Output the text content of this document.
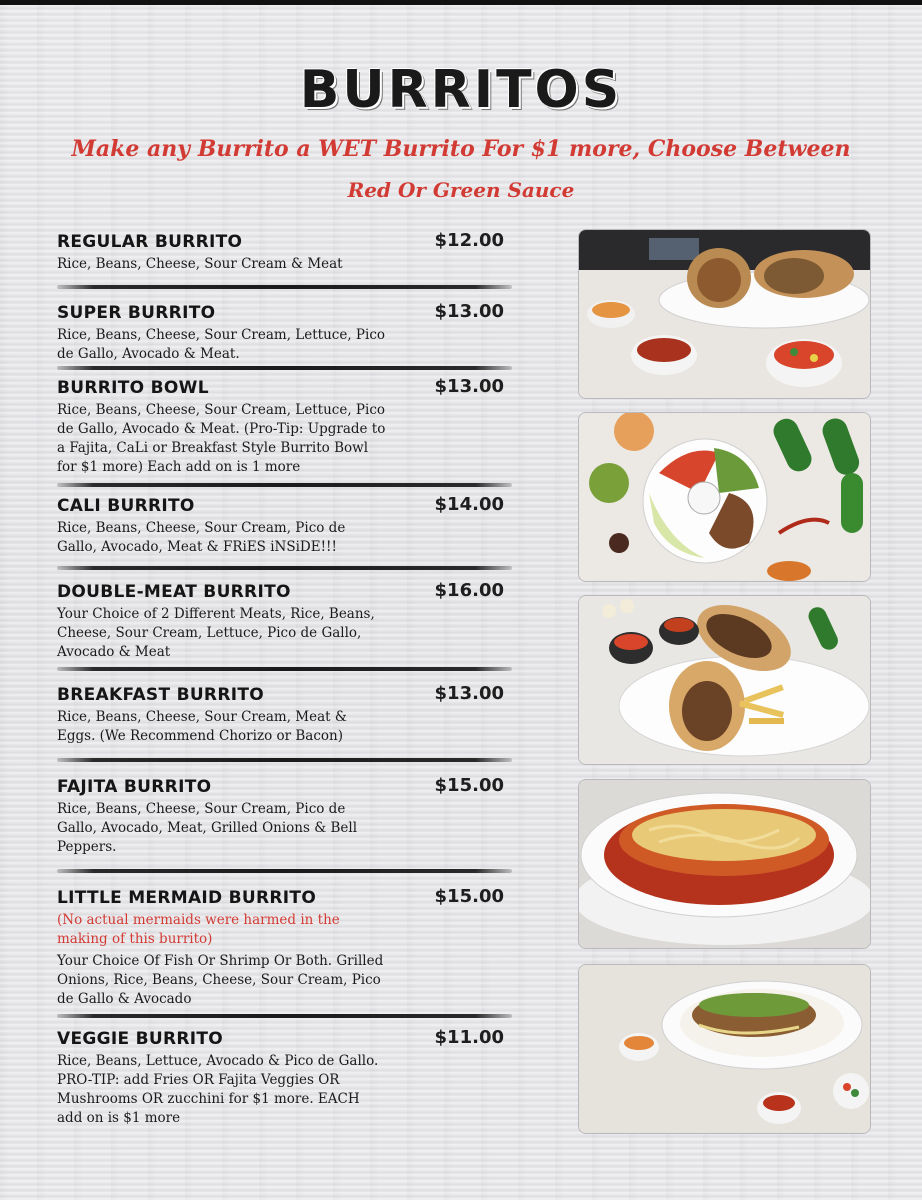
BURRITOS
Make any Burrito a WET Burrito For $1 more, Choose Between
Red Or Green Sauce
REGULAR BURRITO	$12.00
Rice, Beans, Cheese, Sour Cream & Meat
SUPER BURRITO	$13.00
Rice, Beans, Cheese, Sour Cream, Lettuce, Pico de Gallo, Avocado & Meat.
BURRITO BOWL	$13.00
Rice, Beans, Cheese, Sour Cream, Lettuce, Pico de Gallo, Avocado & Meat. (Pro-Tip: Upgrade to a Fajita, CaLi or Breakfast Style Burrito Bowl for $1 more) Each add on is 1 more
CALI BURRITO	$14.00
Rice, Beans, Cheese, Sour Cream, Pico de Gallo, Avocado, Meat & FRiES iNSiDE!!!
DOUBLE-MEAT BURRITO	$16.00
Your Choice of 2 Different Meats, Rice, Beans, Cheese, Sour Cream, Lettuce, Pico de Gallo, Avocado & Meat
BREAKFAST BURRITO	$13.00
Rice, Beans, Cheese, Sour Cream, Meat & Eggs. (We Recommend Chorizo or Bacon)
FAJITA BURRITO	$15.00
Rice, Beans, Cheese, Sour Cream, Pico de Gallo, Avocado, Meat, Grilled Onions & Bell Peppers.
LITTLE MERMAID BURRITO	$15.00
(No actual mermaids were harmed in the making of this burrito)
Your Choice Of Fish Or Shrimp Or Both. Grilled Onions, Rice, Beans, Cheese, Sour Cream, Pico de Gallo & Avocado
VEGGIE BURRITO	$11.00
Rice, Beans, Lettuce, Avocado & Pico de Gallo. PRO-TIP: add Fries OR Fajita Veggies OR Mushrooms OR zucchini for $1 more. EACH add on is $1 more
